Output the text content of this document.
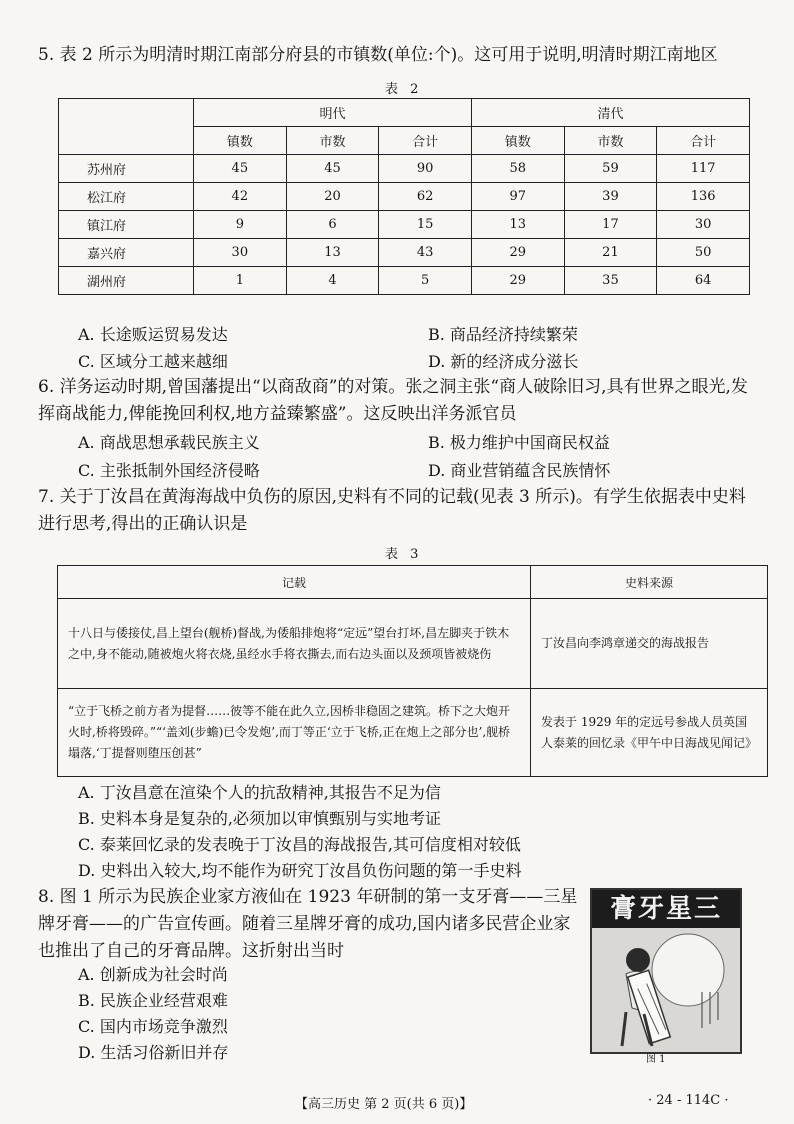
5. 表 2 所示为明清时期江南部分府县的市镇数(单位:个)。这可用于说明,明清时期江南地区

表 2
	明代			清代		
	镇数	市数	合计	镇数	市数	合计
苏州府	45	45	90	58	59	117
松江府	42	20	62	97	39	136
镇江府	9	6	15	13	17	30
嘉兴府	30	13	43	29	21	50
湖州府	1	4	5	29	35	64
A. 长途贩运贸易发达	B. 商品经济持续繁荣
C. 区域分工越来越细	D. 新的经济成分滋长

6. 洋务运动时期,曾国藩提出“以商敌商”的对策。张之洞主张“商人破除旧习,具有世界之眼光,发挥商战能力,俾能挽回利权,地方益臻繁盛”。这反映出洋务派官员

A. 商战思想承载民族主义	B. 极力维护中国商民权益
C. 主张抵制外国经济侵略	D. 商业营销蕴含民族情怀

7. 关于丁汝昌在黄海海战中负伤的原因,史料有不同的记载(见表 3 所示)。有学生依据表中史料进行思考,得出的正确认识是

表 3
记载	史料来源
十八日与倭接仗,昌上望台(舰桥)督战,为倭船排炮将“定远”望台打坏,昌左脚夹于铁木之中,身不能动,随被炮火将衣烧,虽经水手将衣撕去,而右边头面以及颈项皆被烧伤	丁汝昌向李鸿章递交的海战报告
“立于飞桥之前方者为提督……彼等不能在此久立,因桥非稳固之建筑。桥下之大炮开火时,桥将毁碎。”“‘盖刘(步蟾)已令发炮’,而丁等正‘立于飞桥,正在炮上之部分也’,舰桥塌落,‘丁提督则堕压创甚”	发表于 1929 年的定远号参战人员英国人泰莱的回忆录《甲午中日海战见闻记》
A. 丁汝昌意在渲染个人的抗敌精神,其报告不足为信
B. 史料本身是复杂的,必须加以审慎甄别与实地考证
C. 泰莱回忆录的发表晚于丁汝昌的海战报告,其可信度相对较低
D. 史料出入较大,均不能作为研究丁汝昌负伤问题的第一手史料

8. 图 1 所示为民族企业家方液仙在 1923 年研制的第一支牙膏——三星牌牙膏——的广告宣传画。随着三星牌牙膏的成功,国内诸多民营企业家也推出了自己的牙膏品牌。这折射出当时

A. 创新成为社会时尚
B. 民族企业经营艰难
C. 国内市场竞争激烈
D. 生活习俗新旧并存
膏牙星三
图 1
【高三历史 第 2 页(共 6 页)】	· 24 - 114C ·
